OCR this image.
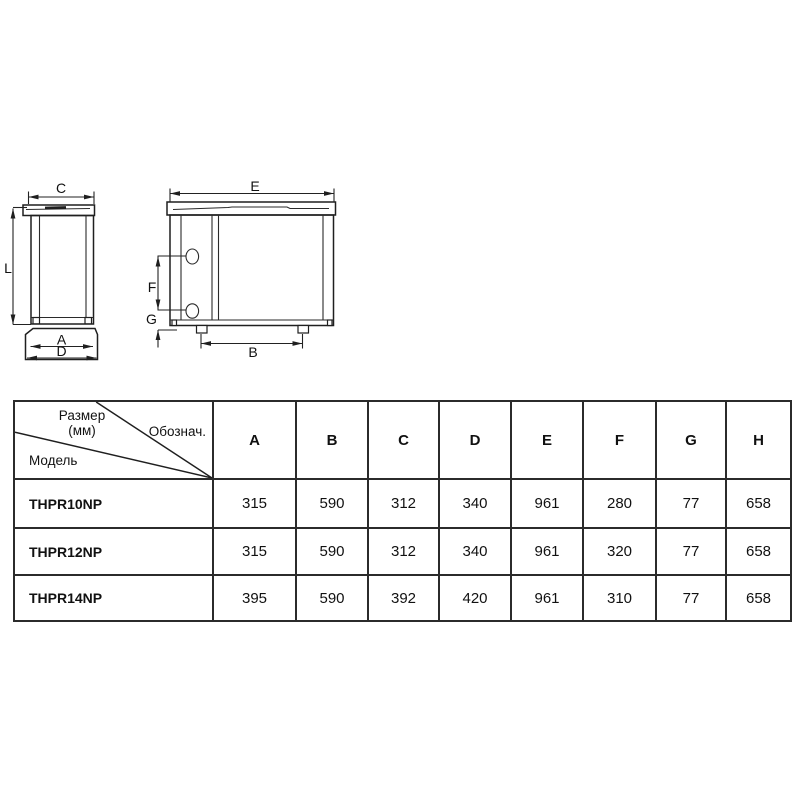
C
L
A
D
E
F
G
B
Размер
(мм) Обознач.
Модель	A	B	C	D	E	F	G	H
THPR10NP	315	590	312	340	961	280	77	658
THPR12NP	315	590	312	340	961	320	77	658
THPR14NP	395	590	392	420	961	310	77	658
